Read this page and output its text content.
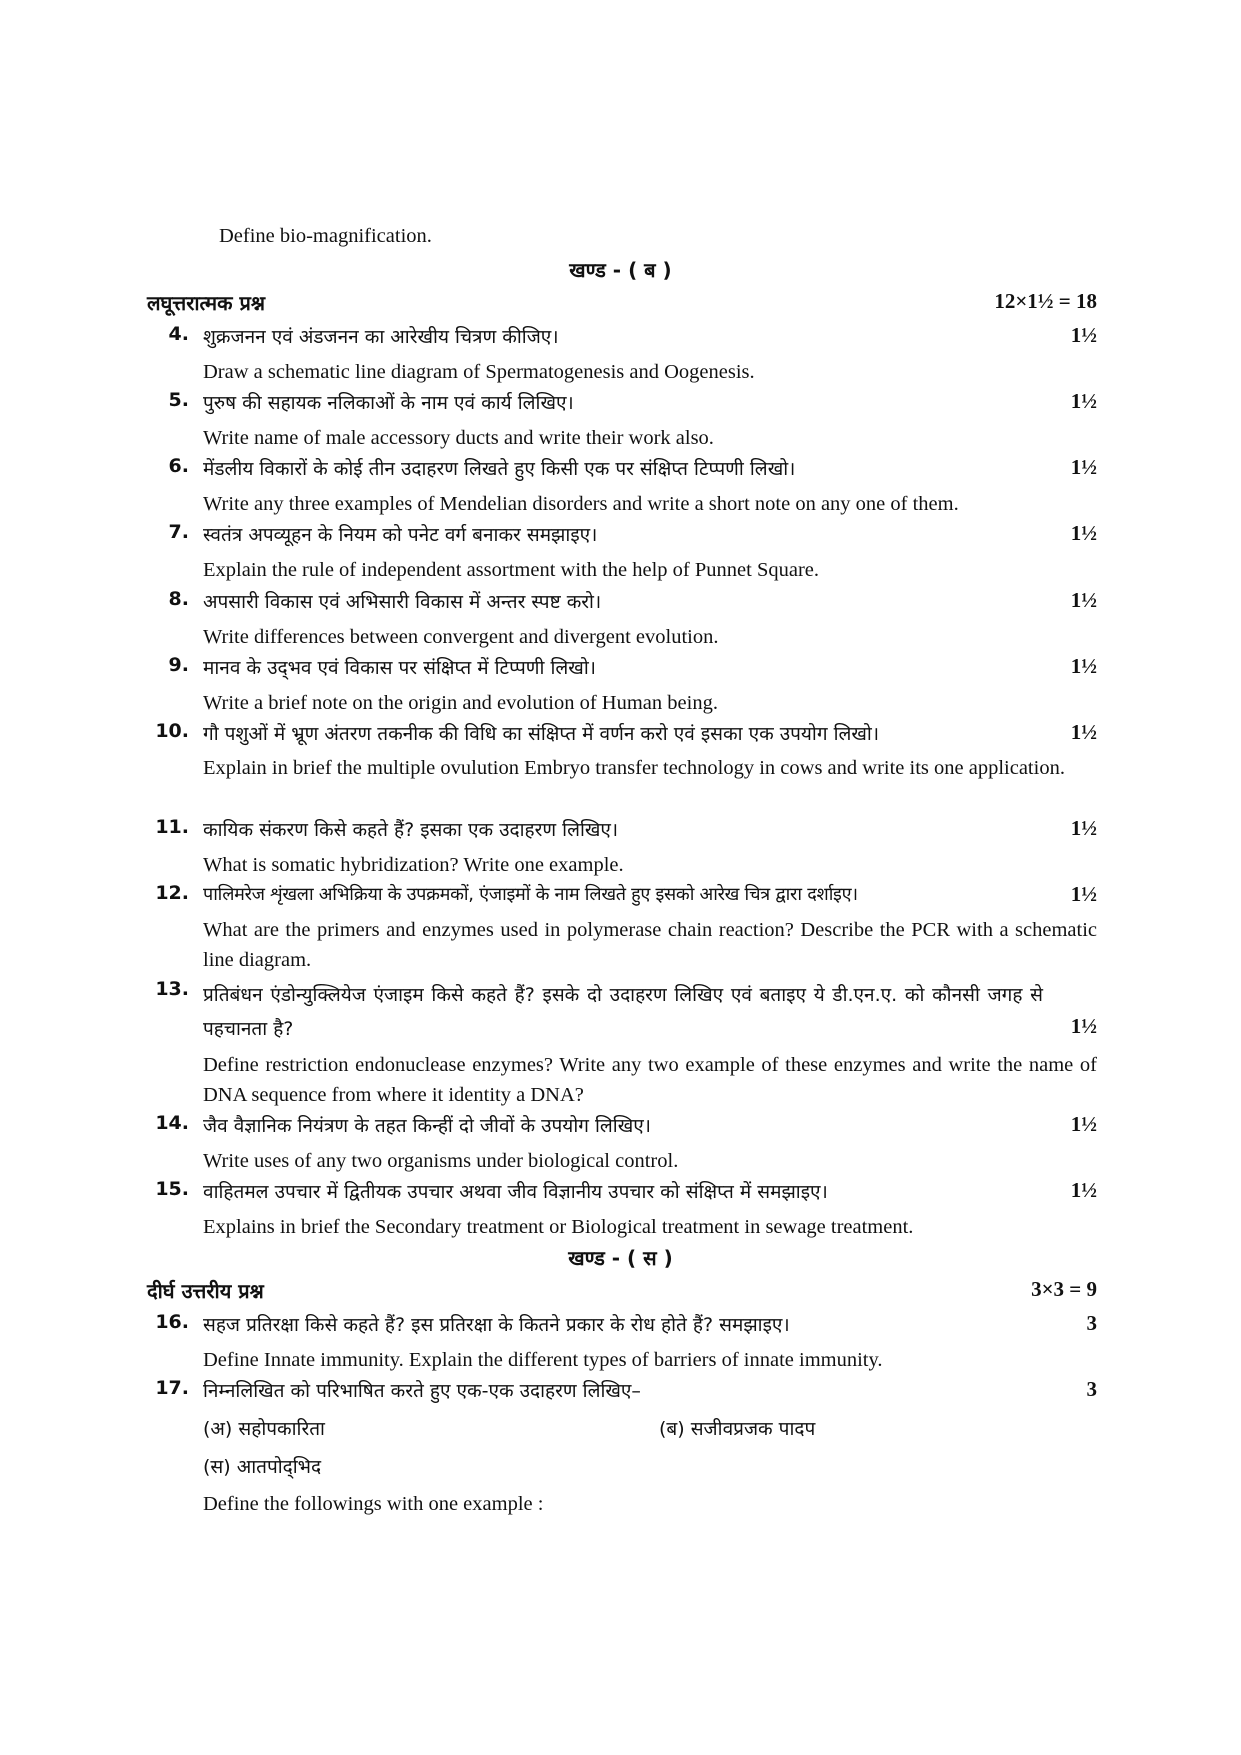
Define bio-magnification.
खण्ड - ( ब )
लघूत्तरात्मक प्रश्न	12×1½ = 18
4. शुक्रजनन एवं अंडजनन का आरेखीय चित्रण कीजिए।	1½
Draw a schematic line diagram of Spermatogenesis and Oogenesis.
5. पुरुष की सहायक नलिकाओं के नाम एवं कार्य लिखिए।	1½
Write name of male accessory ducts and write their work also.
6. मेंडलीय विकारों के कोई तीन उदाहरण लिखते हुए किसी एक पर संक्षिप्त टिप्पणी लिखो।	1½
Write any three examples of Mendelian disorders and write a short note on any one of them.
7. स्वतंत्र अपव्यूहन के नियम को पनेट वर्ग बनाकर समझाइए।	1½
Explain the rule of independent assortment with the help of Punnet Square.
8. अपसारी विकास एवं अभिसारी विकास में अन्तर स्पष्ट करो।	1½
Write differences between convergent and divergent evolution.
9. मानव के उद्‌भव एवं विकास पर संक्षिप्त में टिप्पणी लिखो।	1½
Write a brief note on the origin and evolution of Human being.
10. गौ पशुओं में भ्रूण अंतरण तकनीक की विधि का संक्षिप्त में वर्णन करो एवं इसका एक उपयोग लिखो।	1½
Explain in brief the multiple ovulution Embryo transfer technology in cows and write its one application.
11. कायिक संकरण किसे कहते हैं? इसका एक उदाहरण लिखिए।	1½
What is somatic hybridization? Write one example.
12. पालिमरेज शृंखला अभिक्रिया के उपक्रमकों, एंजाइमों के नाम लिखते हुए इसको आरेख चित्र द्वारा दर्शाइए।	1½
What are the primers and enzymes used in polymerase chain reaction? Describe the PCR with a schematic line diagram.
13. प्रतिबंधन एंडोन्युक्लियेज एंजाइम किसे कहते हैं? इसके दो उदाहरण लिखिए एवं बताइए ये डी.एन.ए. को कौनसी जगह से पहचानता है?	1½
Define restriction endonuclease enzymes? Write any two example of these enzymes and write the name of DNA sequence from where it identity a DNA?
14. जैव वैज्ञानिक नियंत्रण के तहत किन्हीं दो जीवों के उपयोग लिखिए।	1½
Write uses of any two organisms under biological control.
15. वाहितमल उपचार में द्वितीयक उपचार अथवा जीव विज्ञानीय उपचार को संक्षिप्त में समझाइए।	1½
Explains in brief the Secondary treatment or Biological treatment in sewage treatment.
खण्ड - ( स )
दीर्घ उत्तरीय प्रश्न	3×3 = 9
16. सहज प्रतिरक्षा किसे कहते हैं? इस प्रतिरक्षा के कितने प्रकार के रोध होते हैं? समझाइए।	3
Define Innate immunity. Explain the different types of barriers of innate immunity.
17. निम्नलिखित को परिभाषित करते हुए एक-एक उदाहरण लिखिए–	3
(अ) सहोपकारिता	(ब) सजीवप्रजक पादप
(स) आतपोद्‌भिद
Define the followings with one example :
